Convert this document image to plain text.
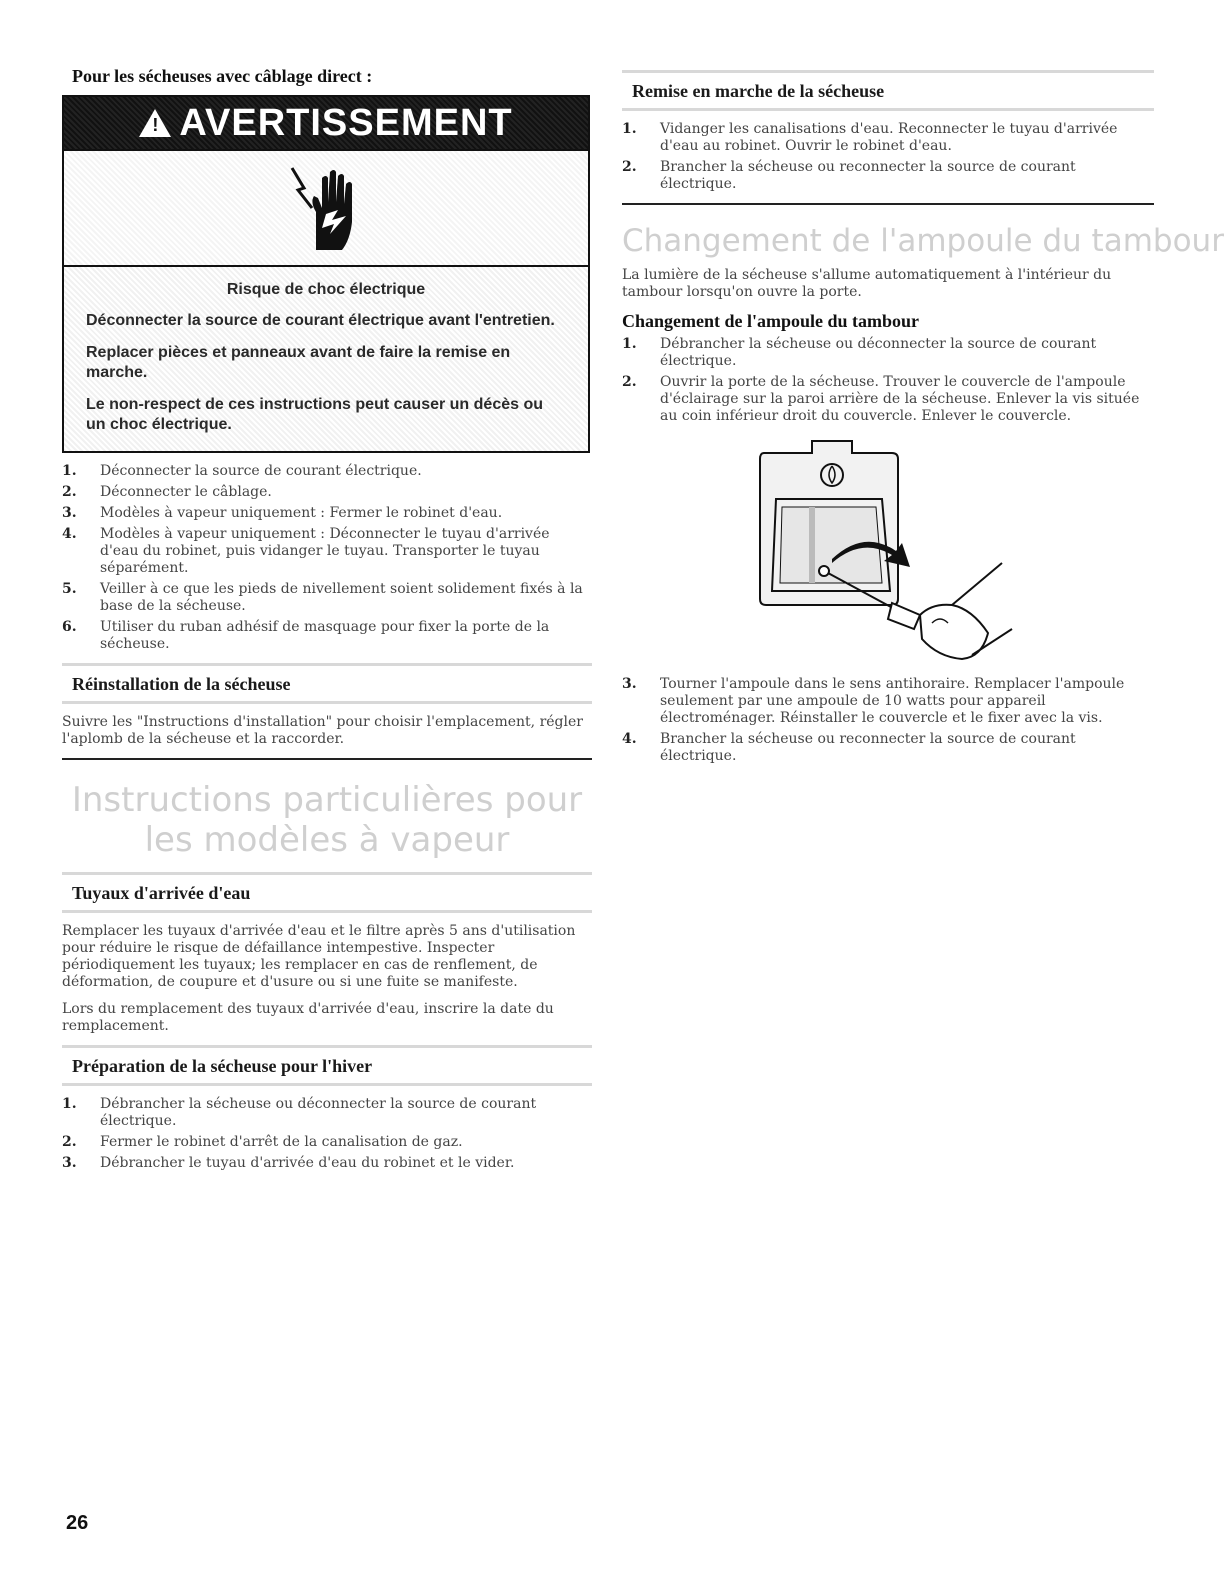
Pour les sécheuses avec câblage direct :
! AVERTISSEMENT
Risque de choc électrique

Déconnecter la source de courant électrique avant l'entretien.

Replacer pièces et panneaux avant de faire la remise en marche.

Le non-respect de ces instructions peut causer un décès ou un choc électrique.

1. Déconnecter la source de courant électrique.
2. Déconnecter le câblage.
3. Modèles à vapeur uniquement : Fermer le robinet d'eau.
4. Modèles à vapeur uniquement : Déconnecter le tuyau d'arrivée d'eau du robinet, puis vidanger le tuyau. Transporter le tuyau séparément.
5. Veiller à ce que les pieds de nivellement soient solidement fixés à la base de la sécheuse.
6. Utiliser du ruban adhésif de masquage pour fixer la porte de la sécheuse.
Réinstallation de la sécheuse

Suivre les "Instructions d'installation" pour choisir l'emplacement, régler l'aplomb de la sécheuse et la raccorder.

Instructions particulières pour
les modèles à vapeur
Tuyaux d'arrivée d'eau

Remplacer les tuyaux d'arrivée d'eau et le filtre après 5 ans d'utilisation pour réduire le risque de défaillance intempestive. Inspecter périodiquement les tuyaux; les remplacer en cas de renflement, de déformation, de coupure et d'usure ou si une fuite se manifeste.

Lors du remplacement des tuyaux d'arrivée d'eau, inscrire la date du remplacement.

Préparation de la sécheuse pour l'hiver
1. Débrancher la sécheuse ou déconnecter la source de courant électrique.
2. Fermer le robinet d'arrêt de la canalisation de gaz.
3. Débrancher le tuyau d'arrivée d'eau du robinet et le vider.
Remise en marche de la sécheuse
1. Vidanger les canalisations d'eau. Reconnecter le tuyau d'arrivée d'eau au robinet. Ouvrir le robinet d'eau.
2. Brancher la sécheuse ou reconnecter la source de courant électrique.
Changement de l'ampoule du tambour

La lumière de la sécheuse s'allume automatiquement à l'intérieur du tambour lorsqu'on ouvre la porte.

Changement de l'ampoule du tambour
1. Débrancher la sécheuse ou déconnecter la source de courant électrique.
2. Ouvrir la porte de la sécheuse. Trouver le couvercle de l'ampoule d'éclairage sur la paroi arrière de la sécheuse. Enlever la vis située au coin inférieur droit du couvercle. Enlever le couvercle.
3. Tourner l'ampoule dans le sens antihoraire. Remplacer l'ampoule seulement par une ampoule de 10 watts pour appareil électroménager. Réinstaller le couvercle et le fixer avec la vis.
4. Brancher la sécheuse ou reconnecter la source de courant électrique.
26
